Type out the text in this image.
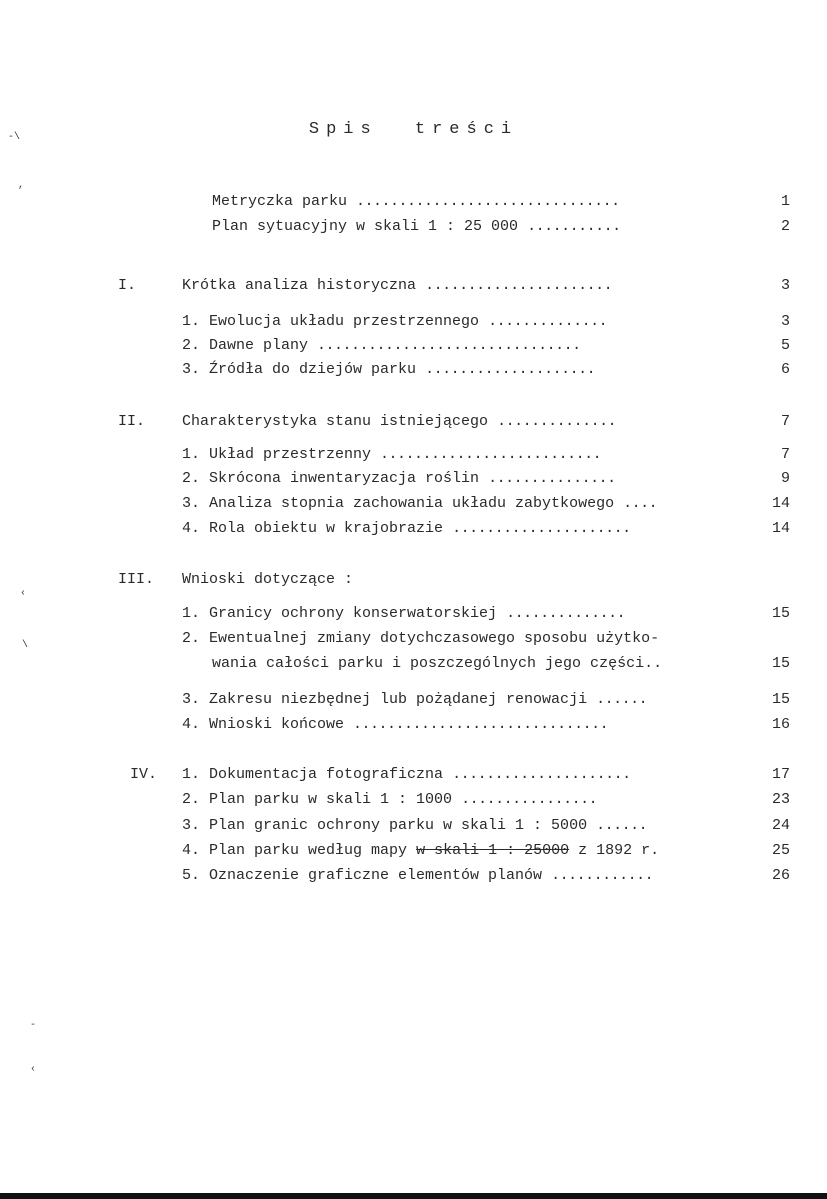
-\
,
‹
\
-
‹
Spis treści
Metryczka parku ...............................	1
Plan sytuacyjny w skali 1 : 25 000 ...........	2
I.	Krótka analiza historyczna ......................	3
1. Ewolucja układu przestrzennego ..............	3
2. Dawne plany ...............................	5
3. Źródła do dziejów parku ....................	6
II. Charakterystyka stanu istniejącego ..............	7
1. Układ przestrzenny ..........................	7
2. Skrócona inwentaryzacja roślin ...............	9
3. Analiza stopnia zachowania układu zabytkowego ....	14
4. Rola obiektu w krajobrazie .....................	14
III. Wnioski dotyczące :
1. Granicy ochrony konserwatorskiej ..............	15
2. Ewentualnej zmiany dotychczasowego sposobu użytko-
wania całości parku i poszczególnych jego części..	15
3. Zakresu niezbędnej lub pożądanej renowacji ......	15
4. Wnioski końcowe ..............................	16
IV. 1. Dokumentacja fotograficzna .....................	17
2. Plan parku w skali 1 : 1000 ................	23
3. Plan granic ochrony parku w skali 1 : 5000 ......	24
4. Plan parku według mapy w skali 1 : 25000 z 1892 r.	25
5. Oznaczenie graficzne elementów planów ............	26
